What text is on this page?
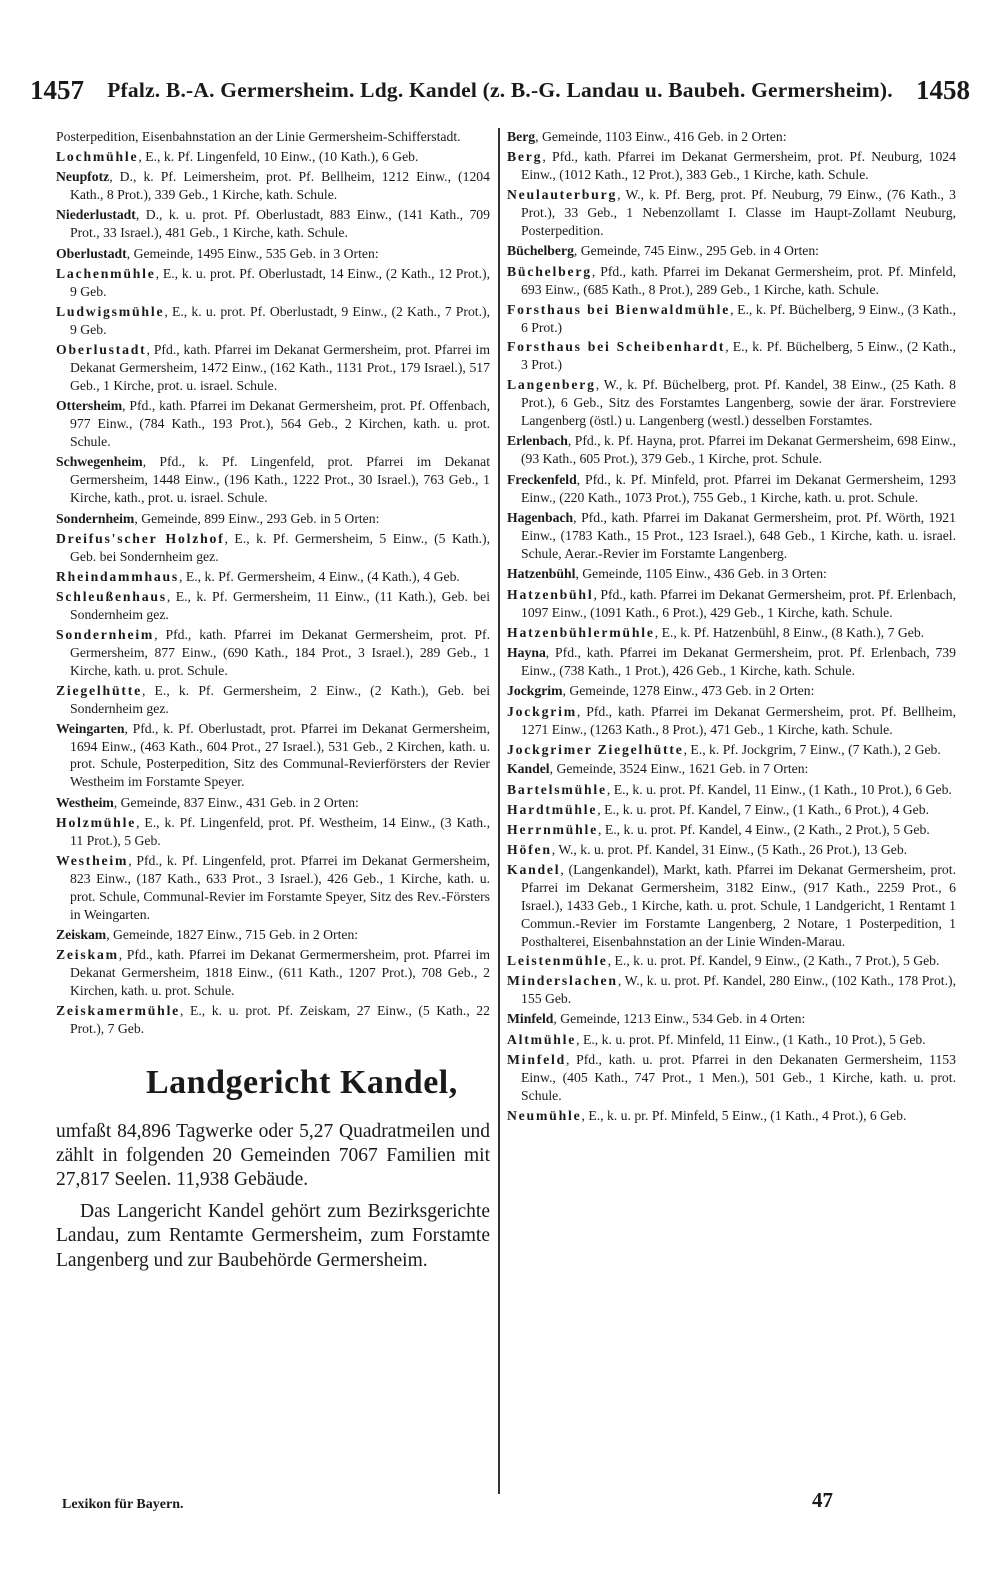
1457	Pfalz. B.-A. Germersheim. Ldg. Kandel (z. B.-G. Landau u. Baubeh. Germersheim). 1458

Posterpedition, Eisenbahnstation an der Linie Germersheim-Schifferstadt.

Lochmühle, E., k. Pf. Lingenfeld, 10 Einw., (10 Kath.), 6 Geb.

Neupfotz, D., k. Pf. Leimersheim, prot. Pf. Bellheim, 1212 Einw., (1204 Kath., 8 Prot.), 339 Geb., 1 Kirche, kath. Schule.

Niederlustadt, D., k. u. prot. Pf. Oberlustadt, 883 Einw., (141 Kath., 709 Prot., 33 Israel.), 481 Geb., 1 Kirche, kath. Schule.

Oberlustadt, Gemeinde, 1495 Einw., 535 Geb. in 3 Orten:

Lachenmühle, E., k. u. prot. Pf. Oberlustadt, 14 Einw., (2 Kath., 12 Prot.), 9 Geb.

Ludwigsmühle, E., k. u. prot. Pf. Oberlustadt, 9 Einw., (2 Kath., 7 Prot.), 9 Geb.

Oberlustadt, Pfd., kath. Pfarrei im Dekanat Germersheim, prot. Pfarrei im Dekanat Germersheim, 1472 Einw., (162 Kath., 1131 Prot., 179 Israel.), 517 Geb., 1 Kirche, prot. u. israel. Schule.

Ottersheim, Pfd., kath. Pfarrei im Dekanat Germersheim, prot. Pf. Offenbach, 977 Einw., (784 Kath., 193 Prot.), 564 Geb., 2 Kirchen, kath. u. prot. Schule.

Schwegenheim, Pfd., k. Pf. Lingenfeld, prot. Pfarrei im Dekanat Germersheim, 1448 Einw., (196 Kath., 1222 Prot., 30 Israel.), 763 Geb., 1 Kirche, kath., prot. u. israel. Schule.

Sondernheim, Gemeinde, 899 Einw., 293 Geb. in 5 Orten:

Dreifus'scher Holzhof, E., k. Pf. Germersheim, 5 Einw., (5 Kath.), Geb. bei Sondernheim gez.

Rheindammhaus, E., k. Pf. Germersheim, 4 Einw., (4 Kath.), 4 Geb.

Schleußenhaus, E., k. Pf. Germersheim, 11 Einw., (11 Kath.), Geb. bei Sondernheim gez.

Sondernheim, Pfd., kath. Pfarrei im Dekanat Germersheim, prot. Pf. Germersheim, 877 Einw., (690 Kath., 184 Prot., 3 Israel.), 289 Geb., 1 Kirche, kath. u. prot. Schule.

Ziegelhütte, E., k. Pf. Germersheim, 2 Einw., (2 Kath.), Geb. bei Sondernheim gez.

Weingarten, Pfd., k. Pf. Oberlustadt, prot. Pfarrei im Dekanat Germersheim, 1694 Einw., (463 Kath., 604 Prot., 27 Israel.), 531 Geb., 2 Kirchen, kath. u. prot. Schule, Posterpedition, Sitz des Communal-Revierförsters der Revier Westheim im Forstamte Speyer.

Westheim, Gemeinde, 837 Einw., 431 Geb. in 2 Orten:

Holzmühle, E., k. Pf. Lingenfeld, prot. Pf. Westheim, 14 Einw., (3 Kath., 11 Prot.), 5 Geb.

Westheim, Pfd., k. Pf. Lingenfeld, prot. Pfarrei im Dekanat Germersheim, 823 Einw., (187 Kath., 633 Prot., 3 Israel.), 426 Geb., 1 Kirche, kath. u. prot. Schule, Communal-Revier im Forstamte Speyer, Sitz des Rev.-Försters in Weingarten.

Zeiskam, Gemeinde, 1827 Einw., 715 Geb. in 2 Orten:

Zeiskam, Pfd., kath. Pfarrei im Dekanat Germermersheim, prot. Pfarrei im Dekanat Germersheim, 1818 Einw., (611 Kath., 1207 Prot.), 708 Geb., 2 Kirchen, kath. u. prot. Schule.

Zeiskamermühle, E., k. u. prot. Pf. Zeiskam, 27 Einw., (5 Kath., 22 Prot.), 7 Geb.

Landgericht Kandel,

umfaßt 84,896 Tagwerke oder 5,27 Quadratmeilen und zählt in folgenden 20 Gemeinden 7067 Familien mit 27,817 Seelen. 11,938 Gebäude.

Das Langericht Kandel gehört zum Bezirksgerichte Landau, zum Rentamte Germersheim, zum Forstamte Langenberg und zur Baubehörde Germersheim.

Berg, Gemeinde, 1103 Einw., 416 Geb. in 2 Orten:

Berg, Pfd., kath. Pfarrei im Dekanat Germersheim, prot. Pf. Neuburg, 1024 Einw., (1012 Kath., 12 Prot.), 383 Geb., 1 Kirche, kath. Schule.

Neulauterburg, W., k. Pf. Berg, prot. Pf. Neuburg, 79 Einw., (76 Kath., 3 Prot.), 33 Geb., 1 Nebenzollamt I. Classe im Haupt-Zollamt Neuburg, Posterpedition.

Büchelberg, Gemeinde, 745 Einw., 295 Geb. in 4 Orten:

Büchelberg, Pfd., kath. Pfarrei im Dekanat Germersheim, prot. Pf. Minfeld, 693 Einw., (685 Kath., 8 Prot.), 289 Geb., 1 Kirche, kath. Schule.

Forsthaus bei Bienwaldmühle, E., k. Pf. Büchelberg, 9 Einw., (3 Kath., 6 Prot.)

Forsthaus bei Scheibenhardt, E., k. Pf. Büchelberg, 5 Einw., (2 Kath., 3 Prot.)

Langenberg, W., k. Pf. Büchelberg, prot. Pf. Kandel, 38 Einw., (25 Kath. 8 Prot.), 6 Geb., Sitz des Forstamtes Langenberg, sowie der ärar. Forstreviere Langenberg (östl.) u. Langenberg (westl.) desselben Forstamtes.

Erlenbach, Pfd., k. Pf. Hayna, prot. Pfarrei im Dekanat Germersheim, 698 Einw., (93 Kath., 605 Prot.), 379 Geb., 1 Kirche, prot. Schule.

Freckenfeld, Pfd., k. Pf. Minfeld, prot. Pfarrei im Dekanat Germersheim, 1293 Einw., (220 Kath., 1073 Prot.), 755 Geb., 1 Kirche, kath. u. prot. Schule.

Hagenbach, Pfd., kath. Pfarrei im Dakanat Germersheim, prot. Pf. Wörth, 1921 Einw., (1783 Kath., 15 Prot., 123 Israel.), 648 Geb., 1 Kirche, kath. u. israel. Schule, Aerar.-Revier im Forstamte Langenberg.

Hatzenbühl, Gemeinde, 1105 Einw., 436 Geb. in 3 Orten:

Hatzenbühl, Pfd., kath. Pfarrei im Dekanat Germersheim, prot. Pf. Erlenbach, 1097 Einw., (1091 Kath., 6 Prot.), 429 Geb., 1 Kirche, kath. Schule.

Hatzenbühlermühle, E., k. Pf. Hatzenbühl, 8 Einw., (8 Kath.), 7 Geb.

Hayna, Pfd., kath. Pfarrei im Dekanat Germersheim, prot. Pf. Erlenbach, 739 Einw., (738 Kath., 1 Prot.), 426 Geb., 1 Kirche, kath. Schule.

Jockgrim, Gemeinde, 1278 Einw., 473 Geb. in 2 Orten:

Jockgrim, Pfd., kath. Pfarrei im Dekanat Germersheim, prot. Pf. Bellheim, 1271 Einw., (1263 Kath., 8 Prot.), 471 Geb., 1 Kirche, kath. Schule.

Jockgrimer Ziegelhütte, E., k. Pf. Jockgrim, 7 Einw., (7 Kath.), 2 Geb.

Kandel, Gemeinde, 3524 Einw., 1621 Geb. in 7 Orten:

Bartelsmühle, E., k. u. prot. Pf. Kandel, 11 Einw., (1 Kath., 10 Prot.), 6 Geb.

Hardtmühle, E., k. u. prot. Pf. Kandel, 7 Einw., (1 Kath., 6 Prot.), 4 Geb.

Herrnmühle, E., k. u. prot. Pf. Kandel, 4 Einw., (2 Kath., 2 Prot.), 5 Geb.

Höfen, W., k. u. prot. Pf. Kandel, 31 Einw., (5 Kath., 26 Prot.), 13 Geb.

Kandel, (Langenkandel), Markt, kath. Pfarrei im Dekanat Germersheim, prot. Pfarrei im Dekanat Germersheim, 3182 Einw., (917 Kath., 2259 Prot., 6 Israel.), 1433 Geb., 1 Kirche, kath. u. prot. Schule, 1 Landgericht, 1 Rentamt 1 Commun.-Revier im Forstamte Langenberg, 2 Notare, 1 Posterpedition, 1 Posthalterei, Eisenbahnstation an der Linie Winden-Marau.

Leistenmühle, E., k. u. prot. Pf. Kandel, 9 Einw., (2 Kath., 7 Prot.), 5 Geb.

Minderslachen, W., k. u. prot. Pf. Kandel, 280 Einw., (102 Kath., 178 Prot.), 155 Geb.

Minfeld, Gemeinde, 1213 Einw., 534 Geb. in 4 Orten:

Altmühle, E., k. u. prot. Pf. Minfeld, 11 Einw., (1 Kath., 10 Prot.), 5 Geb.

Minfeld, Pfd., kath. u. prot. Pfarrei in den Dekanaten Germersheim, 1153 Einw., (405 Kath., 747 Prot., 1 Men.), 501 Geb., 1 Kirche, kath. u. prot. Schule.

Neumühle, E., k. u. pr. Pf. Minfeld, 5 Einw., (1 Kath., 4 Prot.), 6 Geb.

Lexikon für Bayern.	47
